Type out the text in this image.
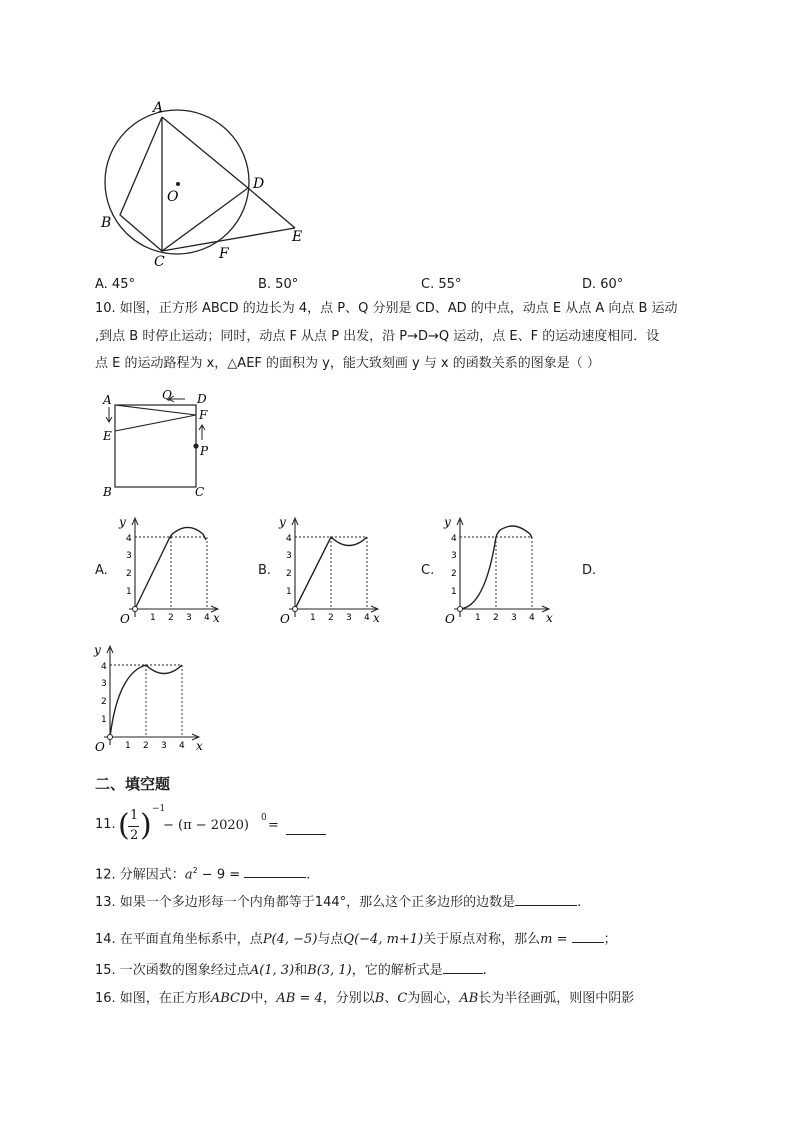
A
B
C
D
E
F
O
A. 45°	B. 50°	C. 55°	D. 60°
10. 如图，正方形 ABCD 的边长为 4，点 P、Q 分别是 CD、AD 的中点，动点 E 从点 A 向点 B 运动
,到点 B 时停止运动；同时，动点 F 从点 P 出发，沿 P→D→Q 运动，点 E、F 的运动速度相同．设
点 E 的运动路程为 x，△AEF 的面积为 y，能大致刻画 y 与 x 的函数关系的图象是（ ）
A
E
B	C
D
F
P
Q
A.	B.	C.	D.
y
x
O
1
2
3
4
1 2 3 4
y
x
O
1
2
3
4
1 2 3 4
y
x
O
1
2
3
4
1 2 3 4
y
x
O
1
2
3
4
1 2 3 4
二、填空题
11. ( 1
2 ) −1
− (π − 2020) 0 =
12. 分解因式：$a^2 - 9$ =	.
13. 如果一个多边形每一个内角都等于144°，那么这个正多边形的边数是	.
14. 在平面直角坐标系中，点P(4, −5)与点Q(−4, m+1)关于原点对称，那么m =	；
15. 一次函数的图象经过点A(1, 3)和B(3, 1)，它的解析式是	.
16. 如图，在正方形ABCD中，AB = 4，分别以B、C为圆心，AB长为半径画弧，则图中阴影
